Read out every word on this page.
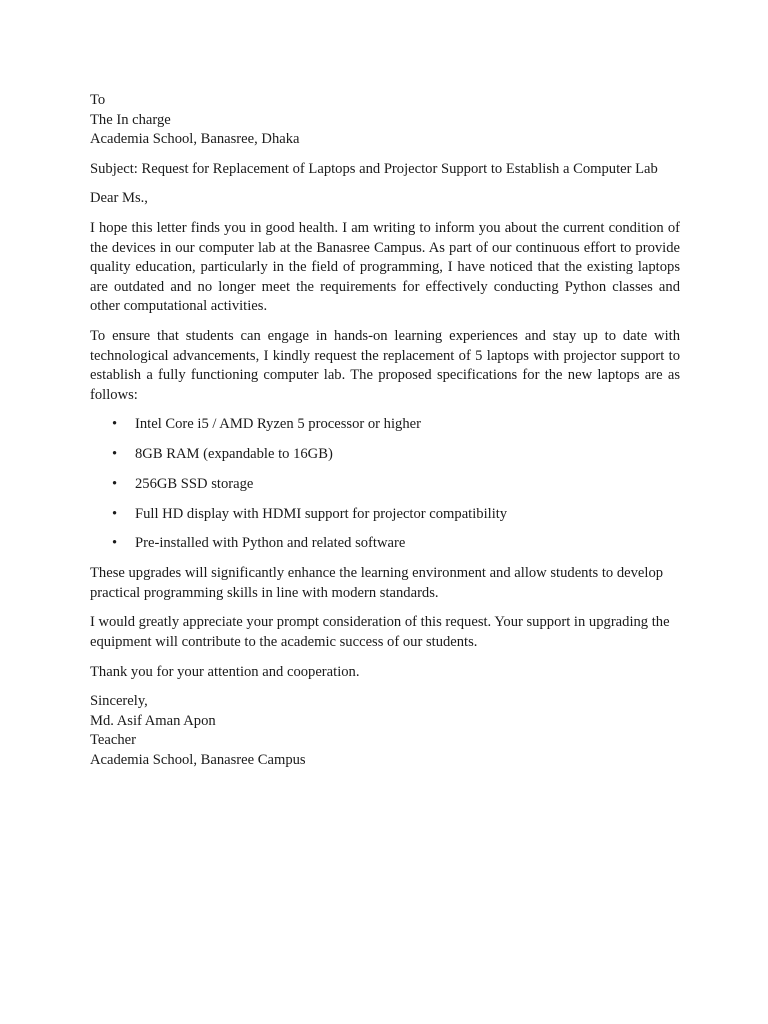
To
The In charge
Academia School, Banasree, Dhaka
Subject: Request for Replacement of Laptops and Projector Support to Establish a Computer Lab
Dear Ms.,

I hope this letter finds you in good health. I am writing to inform you about the current condition of the devices in our computer lab at the Banasree Campus. As part of our continuous effort to provide quality education, particularly in the field of programming, I have noticed that the existing laptops are outdated and no longer meet the requirements for effectively conducting Python classes and other computational activities.

To ensure that students can engage in hands-on learning experiences and stay up to date with technological advancements, I kindly request the replacement of 5 laptops with projector support to establish a fully functioning computer lab. The proposed specifications for the new laptops are as follows:

• Intel Core i5 / AMD Ryzen 5 processor or higher
• 8GB RAM (expandable to 16GB)
• 256GB SSD storage
• Full HD display with HDMI support for projector compatibility
• Pre-installed with Python and related software

These upgrades will significantly enhance the learning environment and allow students to develop practical programming skills in line with modern standards.

I would greatly appreciate your prompt consideration of this request. Your support in upgrading the equipment will contribute to the academic success of our students.

Thank you for your attention and cooperation.

Sincerely,
Md. Asif Aman Apon
Teacher
Academia School, Banasree Campus
